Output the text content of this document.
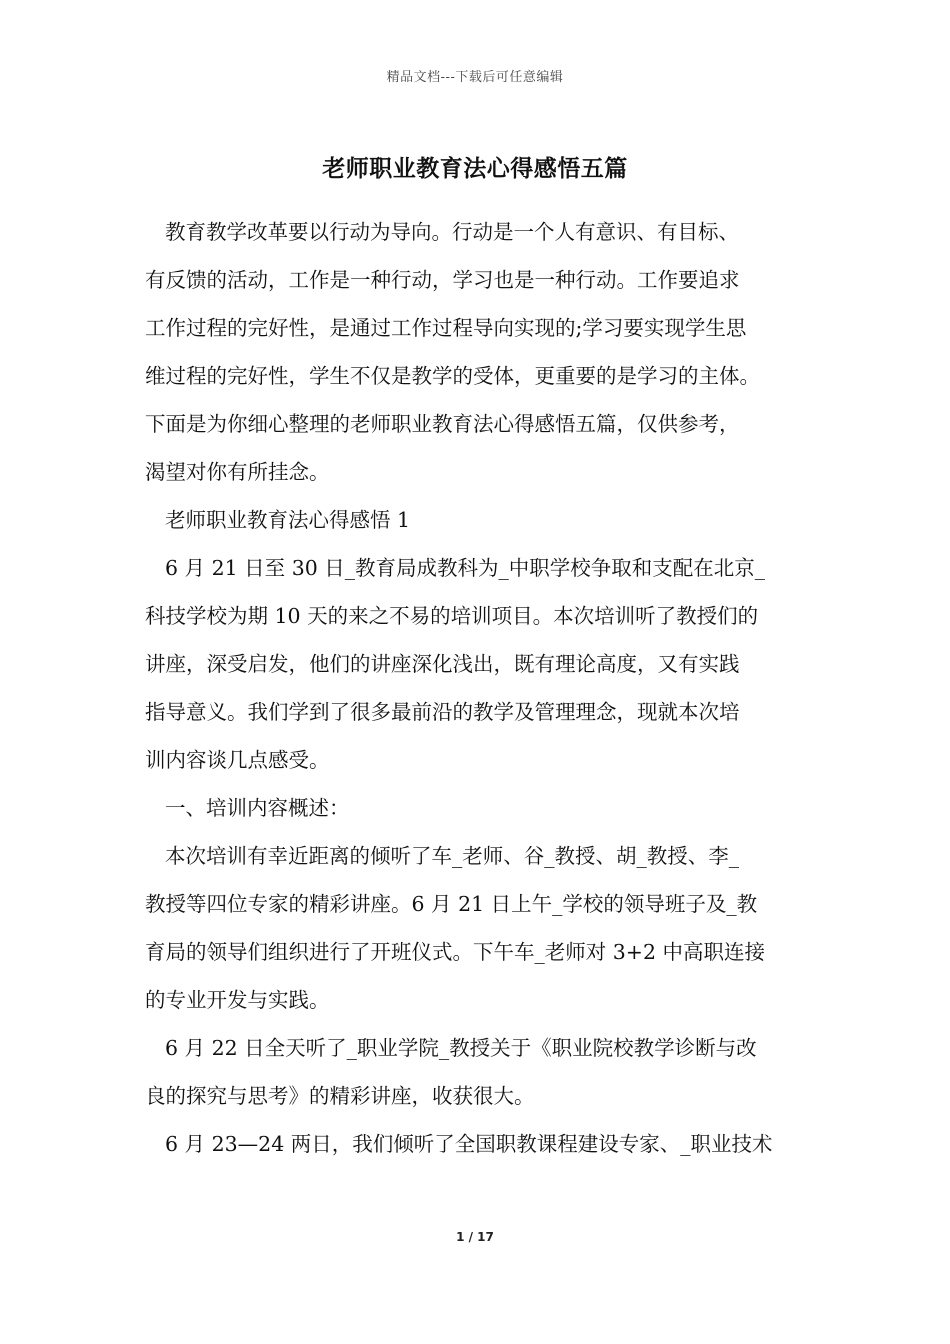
精品文档---下载后可任意编辑
老师职业教育法心得感悟五篇

教育教学改革要以行动为导向。行动是一个人有意识、有目标、

有反馈的活动，工作是一种行动，学习也是一种行动。工作要追求

工作过程的完好性，是通过工作过程导向实现的;学习要实现学生思

维过程的完好性，学生不仅是教学的受体，更重要的是学习的主体。

下面是为你细心整理的老师职业教育法心得感悟五篇，仅供参考，

渴望对你有所挂念。

老师职业教育法心得感悟 1

6 月 21 日至 30 日_教育局成教科为_中职学校争取和支配在北京_

科技学校为期 10 天的来之不易的培训项目。本次培训听了教授们的

讲座，深受启发，他们的讲座深化浅出，既有理论高度，又有实践

指导意义。我们学到了很多最前沿的教学及管理理念，现就本次培

训内容谈几点感受。

一、培训内容概述：

本次培训有幸近距离的倾听了车_老师、谷_教授、胡_教授、李_

教授等四位专家的精彩讲座。6 月 21 日上午_学校的领导班子及_教

育局的领导们组织进行了开班仪式。下午车_老师对 3+2 中高职连接

的专业开发与实践。

6 月 22 日全天听了_职业学院_教授关于《职业院校教学诊断与改

良的探究与思考》的精彩讲座，收获很大。

6 月 23—24 两日，我们倾听了全国职教课程建设专家、_职业技术

1 / 17
